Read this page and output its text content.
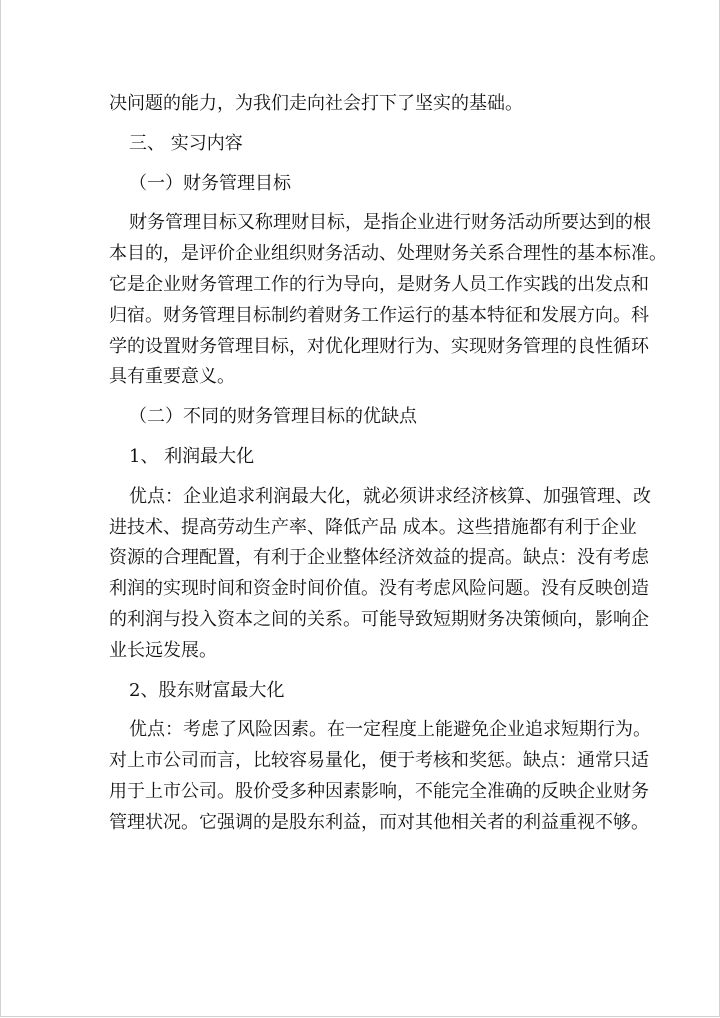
决问题的能力，为我们走向社会打下了坚实的基础。
三、 实习内容
（一）财务管理目标
财务管理目标又称理财目标，是指企业进行财务活动所要达到的根
本目的，是评价企业组织财务活动、处理财务关系合理性的基本标准。
它是企业财务管理工作的行为导向，是财务人员工作实践的出发点和
归宿。财务管理目标制约着财务工作运行的基本特征和发展方向。科
学的设置财务管理目标，对优化理财行为、实现财务管理的良性循环
具有重要意义。
（二）不同的财务管理目标的优缺点
1、 利润最大化
优点：企业追求利润最大化，就必须讲求经济核算、加强管理、改
进技术、提高劳动生产率、降低产品 成本。这些措施都有利于企业
资源的合理配置，有利于企业整体经济效益的提高。缺点：没有考虑
利润的实现时间和资金时间价值。没有考虑风险问题。没有反映创造
的利润与投入资本之间的关系。可能导致短期财务决策倾向，影响企
业长远发展。
2、股东财富最大化
优点：考虑了风险因素。在一定程度上能避免企业追求短期行为。
对上市公司而言，比较容易量化，便于考核和奖惩。缺点：通常只适
用于上市公司。股价受多种因素影响，不能完全准确的反映企业财务
管理状况。它强调的是股东利益，而对其他相关者的利益重视不够。
